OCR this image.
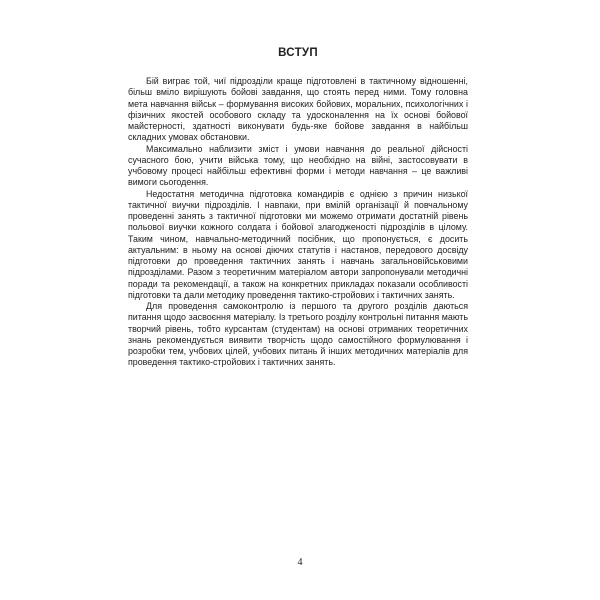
ВСТУП

Бій виграє той, чиї підрозділи краще підготовлені в тактичному відношенні, більш вміло вирішують бойові завдання, що стоять перед ними. Тому головна мета навчання військ – формування високих бойових, моральних, психологічних і фізичних якостей особового складу та удосконалення на їх основі бойової майстерності, здатності виконувати будь-яке бойове завдання в найбільш складних умовах обстановки.

Максимально наблизити зміст і умови навчання до реальної дійсності сучасного бою, учити війська тому, що необхідно на війні, застосовувати в учбовому процесі найбільш ефективні форми і методи навчання – це важливі вимоги сьогодення.

Недостатня методична підготовка командирів є однією з причин низької тактичної виучки підрозділів. І навпаки, при вмілій організації й повчальному проведенні занять з тактичної підготовки ми можемо отримати достатній рівень польової виучки кожного солдата і бойової злагодженості підрозділів в цілому. Таким чином, навчально-методичний посібник, що пропонується, є досить актуальним: в ньому на основі діючих статутів і настанов, передового досвіду підготовки до проведення тактичних занять і навчань загальновійськовими підрозділами. Разом з теоретичним матеріалом автори запропонували методичні поради та рекомендації, а також на конкретних прикладах показали особливості підготовки та дали методику проведення тактико-стройових і тактичних занять.

Для проведення самоконтролю із першого та другого розділів даються питання щодо засвоєння матеріалу. Із третього розділу контрольні питання мають творчий рівень, тобто курсантам (студентам) на основі отриманих теоретичних знань рекомендується виявити творчість щодо самостійного формулювання і розробки тем, учбових цілей, учбових питань й інших методичних матеріалів для проведення тактико-стройових і тактичних занять.

4
